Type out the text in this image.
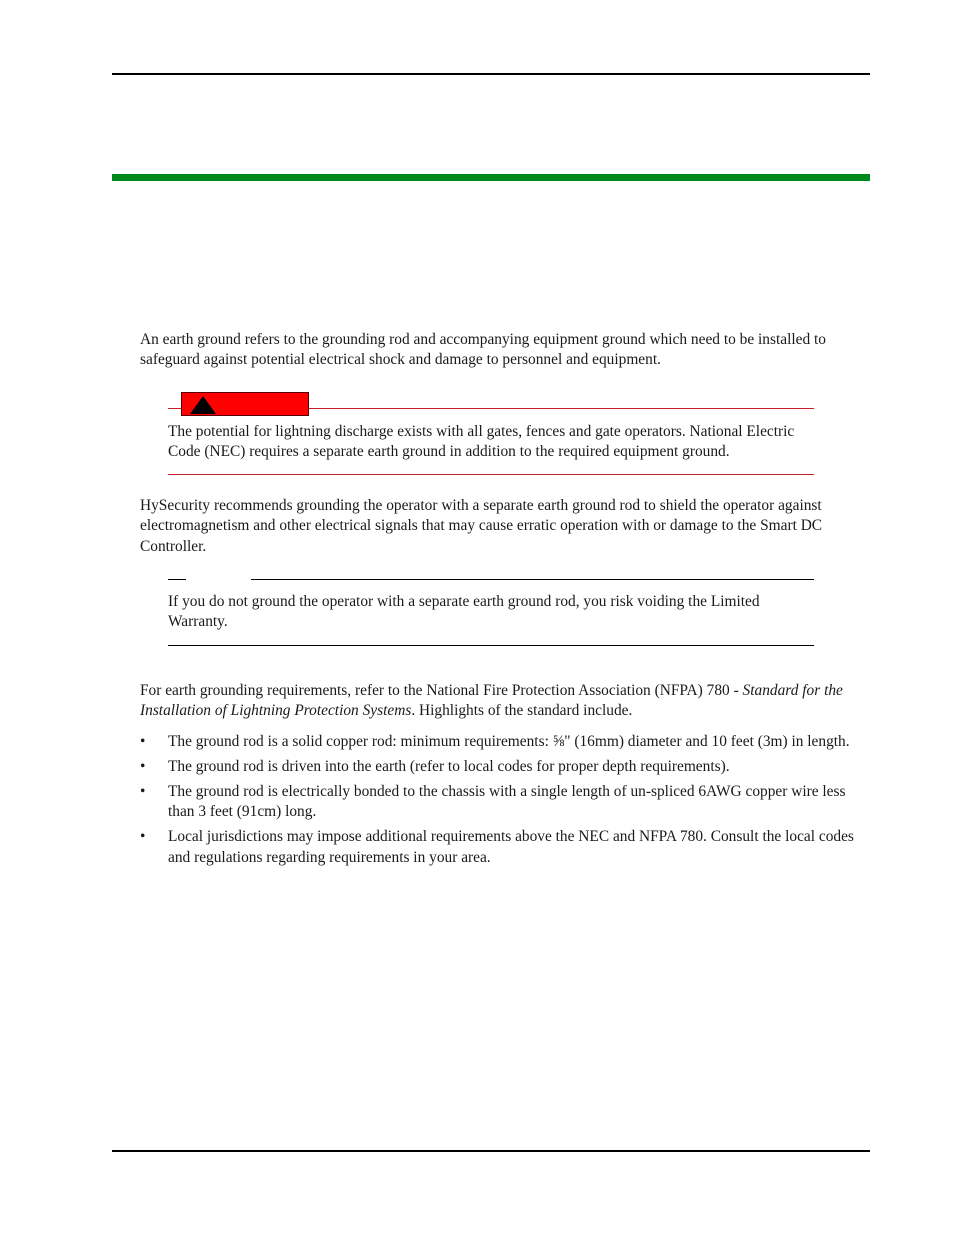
An earth ground refers to the grounding rod and accompanying equipment ground which need to be installed to safeguard against potential electrical shock and damage to personnel and equipment.

The potential for lightning discharge exists with all gates, fences and gate operators. National Electric Code (NEC) requires a separate earth ground in addition to the required equipment ground.

HySecurity recommends grounding the operator with a separate earth ground rod to shield the operator against electromagnetism and other electrical signals that may cause erratic operation with or damage to the Smart DC Controller.

If you do not ground the operator with a separate earth ground rod, you risk voiding the Limited Warranty.

For earth grounding requirements, refer to the National Fire Protection Association (NFPA) 780 - Standard for the Installation of Lightning Protection Systems. Highlights of the standard include.

• The ground rod is a solid copper rod: minimum requirements: ⅝" (16mm) diameter and 10 feet (3m) in length.
• The ground rod is driven into the earth (refer to local codes for proper depth requirements).
• The ground rod is electrically bonded to the chassis with a single length of un-spliced 6AWG copper wire less than 3 feet (91cm) long.
• Local jurisdictions may impose additional requirements above the NEC and NFPA 780. Consult the local codes and regulations regarding requirements in your area.
